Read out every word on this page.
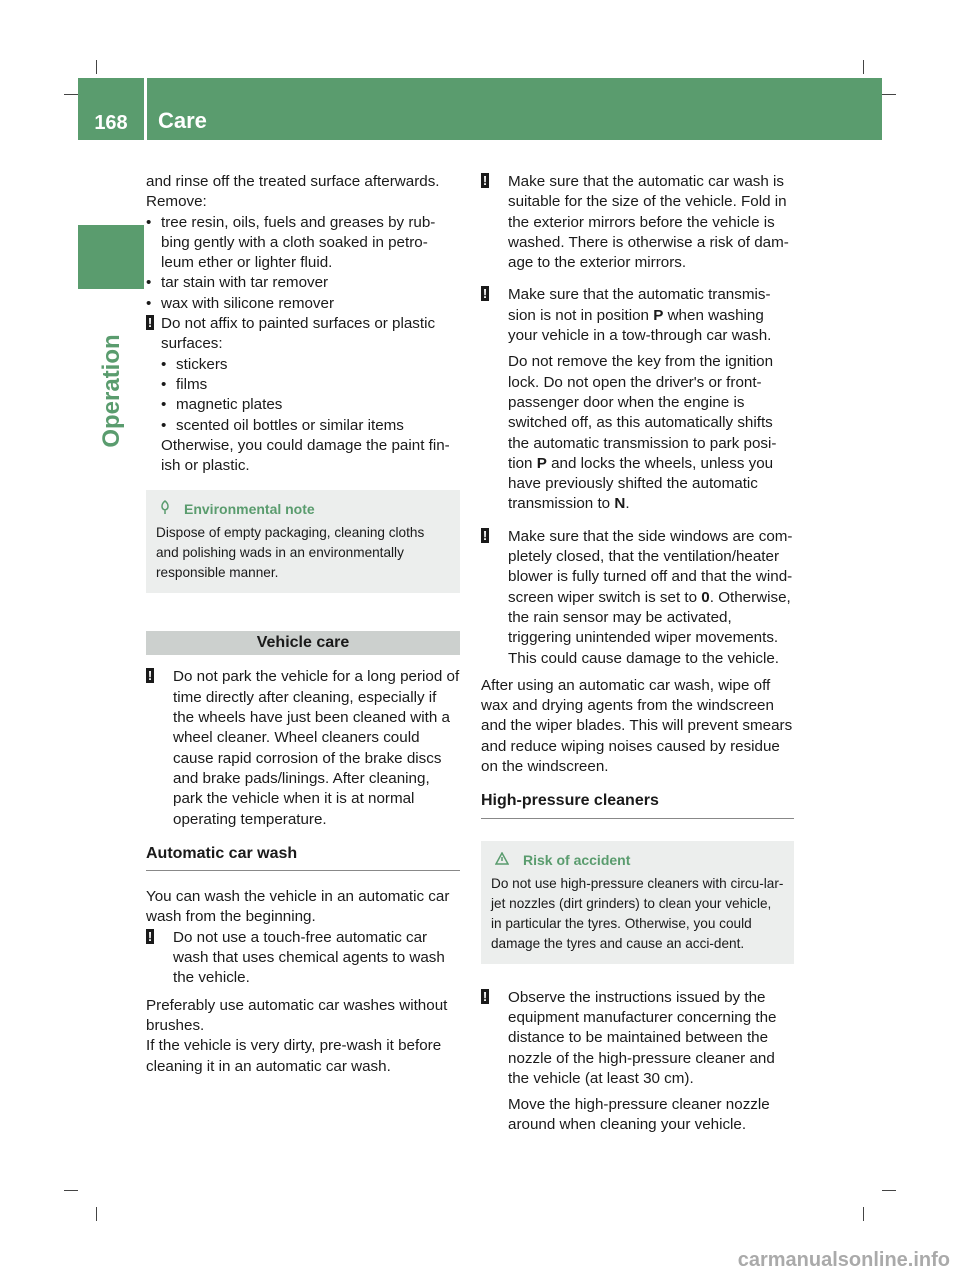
168	Care
Operation

and rinse off the treated surface afterwards.

Remove:

• tree resin, oils, fuels and greases by rub-bing gently with a cloth soaked in petro-leum ether or lighter fluid.

• tar stain with tar remover

• wax with silicone remover

! Do not affix to painted surfaces or plastic surfaces:

• stickers

• films

• magnetic plates

• scented oil bottles or similar items

Otherwise, you could damage the paint fin-ish or plastic.

Environmental note
Dispose of empty packaging, cleaning cloths and polishing wads in an environmentally responsible manner.
Vehicle care
!	Do not park the vehicle for a long period of time directly after cleaning, especially if the wheels have just been cleaned with a wheel cleaner. Wheel cleaners could cause rapid corrosion of the brake discs and brake pads/linings. After cleaning, park the vehicle when it is at normal operating temperature.
Automatic car wash

You can wash the vehicle in an automatic car wash from the beginning.

!	Do not use a touch-free automatic car wash that uses chemical agents to wash the vehicle.

Preferably use automatic car washes without brushes.

If the vehicle is very dirty, pre-wash it before cleaning it in an automatic car wash.

!	Make sure that the automatic car wash is suitable for the size of the vehicle. Fold in the exterior mirrors before the vehicle is washed. There is otherwise a risk of dam-age to the exterior mirrors.
!	Make sure that the automatic transmis-sion is not in position P when washing your vehicle in a tow-through car wash.
Do not remove the key from the ignition lock. Do not open the driver's or front-passenger door when the engine is switched off, as this automatically shifts the automatic transmission to park posi-tion P and locks the wheels, unless you have previously shifted the automatic transmission to N.
!	Make sure that the side windows are com-pletely closed, that the ventilation/heater blower is fully turned off and that the wind-screen wiper switch is set to 0. Otherwise, the rain sensor may be activated, triggering unintended wiper movements. This could cause damage to the vehicle.

After using an automatic car wash, wipe off wax and drying agents from the windscreen and the wiper blades. This will prevent smears and reduce wiping noises caused by residue on the windscreen.

High-pressure cleaners
Risk of accident
Do not use high-pressure cleaners with circu-lar-jet nozzles (dirt grinders) to clean your vehicle, in particular the tyres. Otherwise, you could damage the tyres and cause an acci-dent.
!	Observe the instructions issued by the equipment manufacturer concerning the distance to be maintained between the nozzle of the high-pressure cleaner and the vehicle (at least 30 cm).
Move the high-pressure cleaner nozzle around when cleaning your vehicle.
carmanualsonline.info
